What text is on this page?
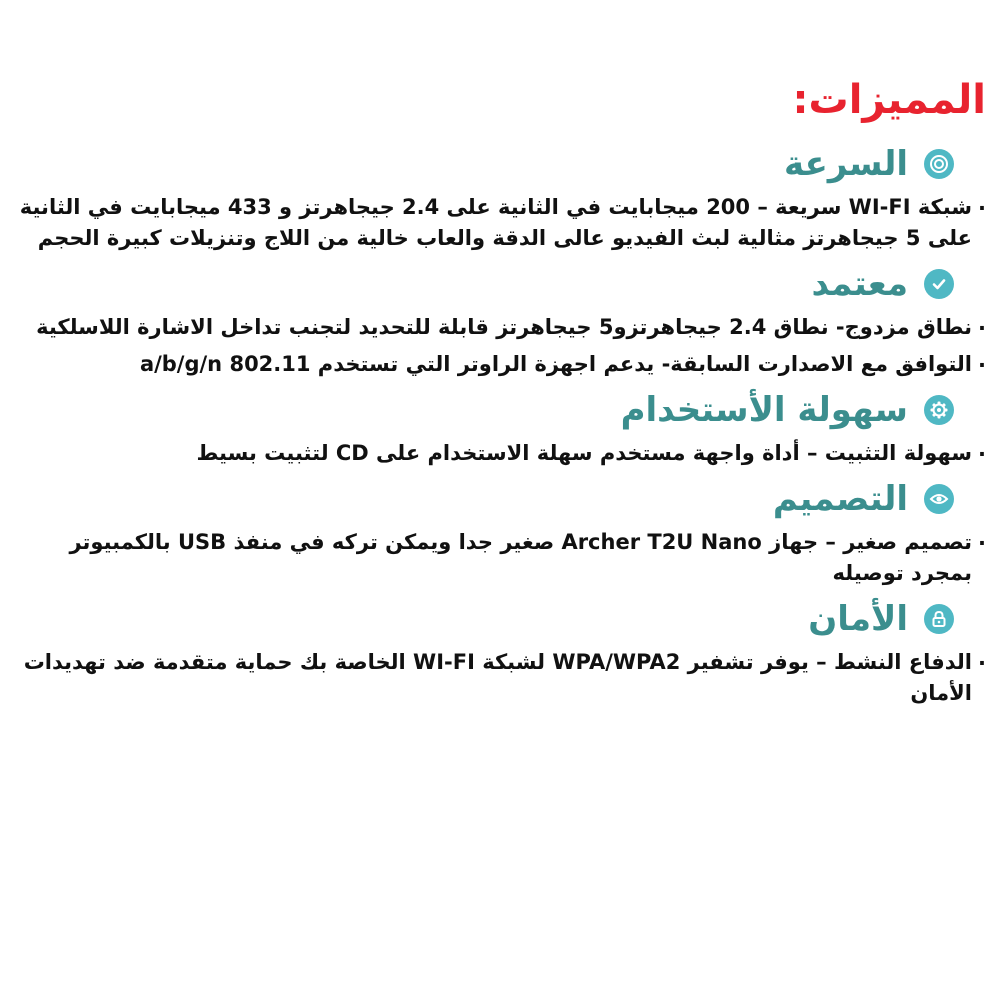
المميزات:
السرعة
. شبكة WI-FI سريعة – 200 ميجابايت في الثانية على 2.4 جيجاهرتز و 433 ميجابايت في الثانية على 5 جيجاهرتز مثالية لبث الفيديو عالى الدقة والعاب خالية من اللاج وتنزيلات كبيرة الحجم
معتمد
. نطاق مزدوج- نطاق 2.4 جيجاهرتزو5 جيجاهرتز قابلة للتحديد لتجنب تداخل الاشارة اللاسلكية
. التوافق مع الاصدارت السابقة- يدعم اجهزة الراوتر التي تستخدم 802.11 a/b/g/n
سهولة الأستخدام
. سهولة التثبيت – أداة واجهة مستخدم سهلة الاستخدام على CD لتثبيت بسيط
التصميم
. تصميم صغير – جهاز Archer T2U Nano صغير جدا ويمكن تركه في منفذ USB بالكمبيوتر بمجرد توصيله
الأمان
. الدفاع النشط – يوفر تشفير WPA/WPA2 لشبكة WI-FI الخاصة بك حماية متقدمة ضد تهديدات الأمان
